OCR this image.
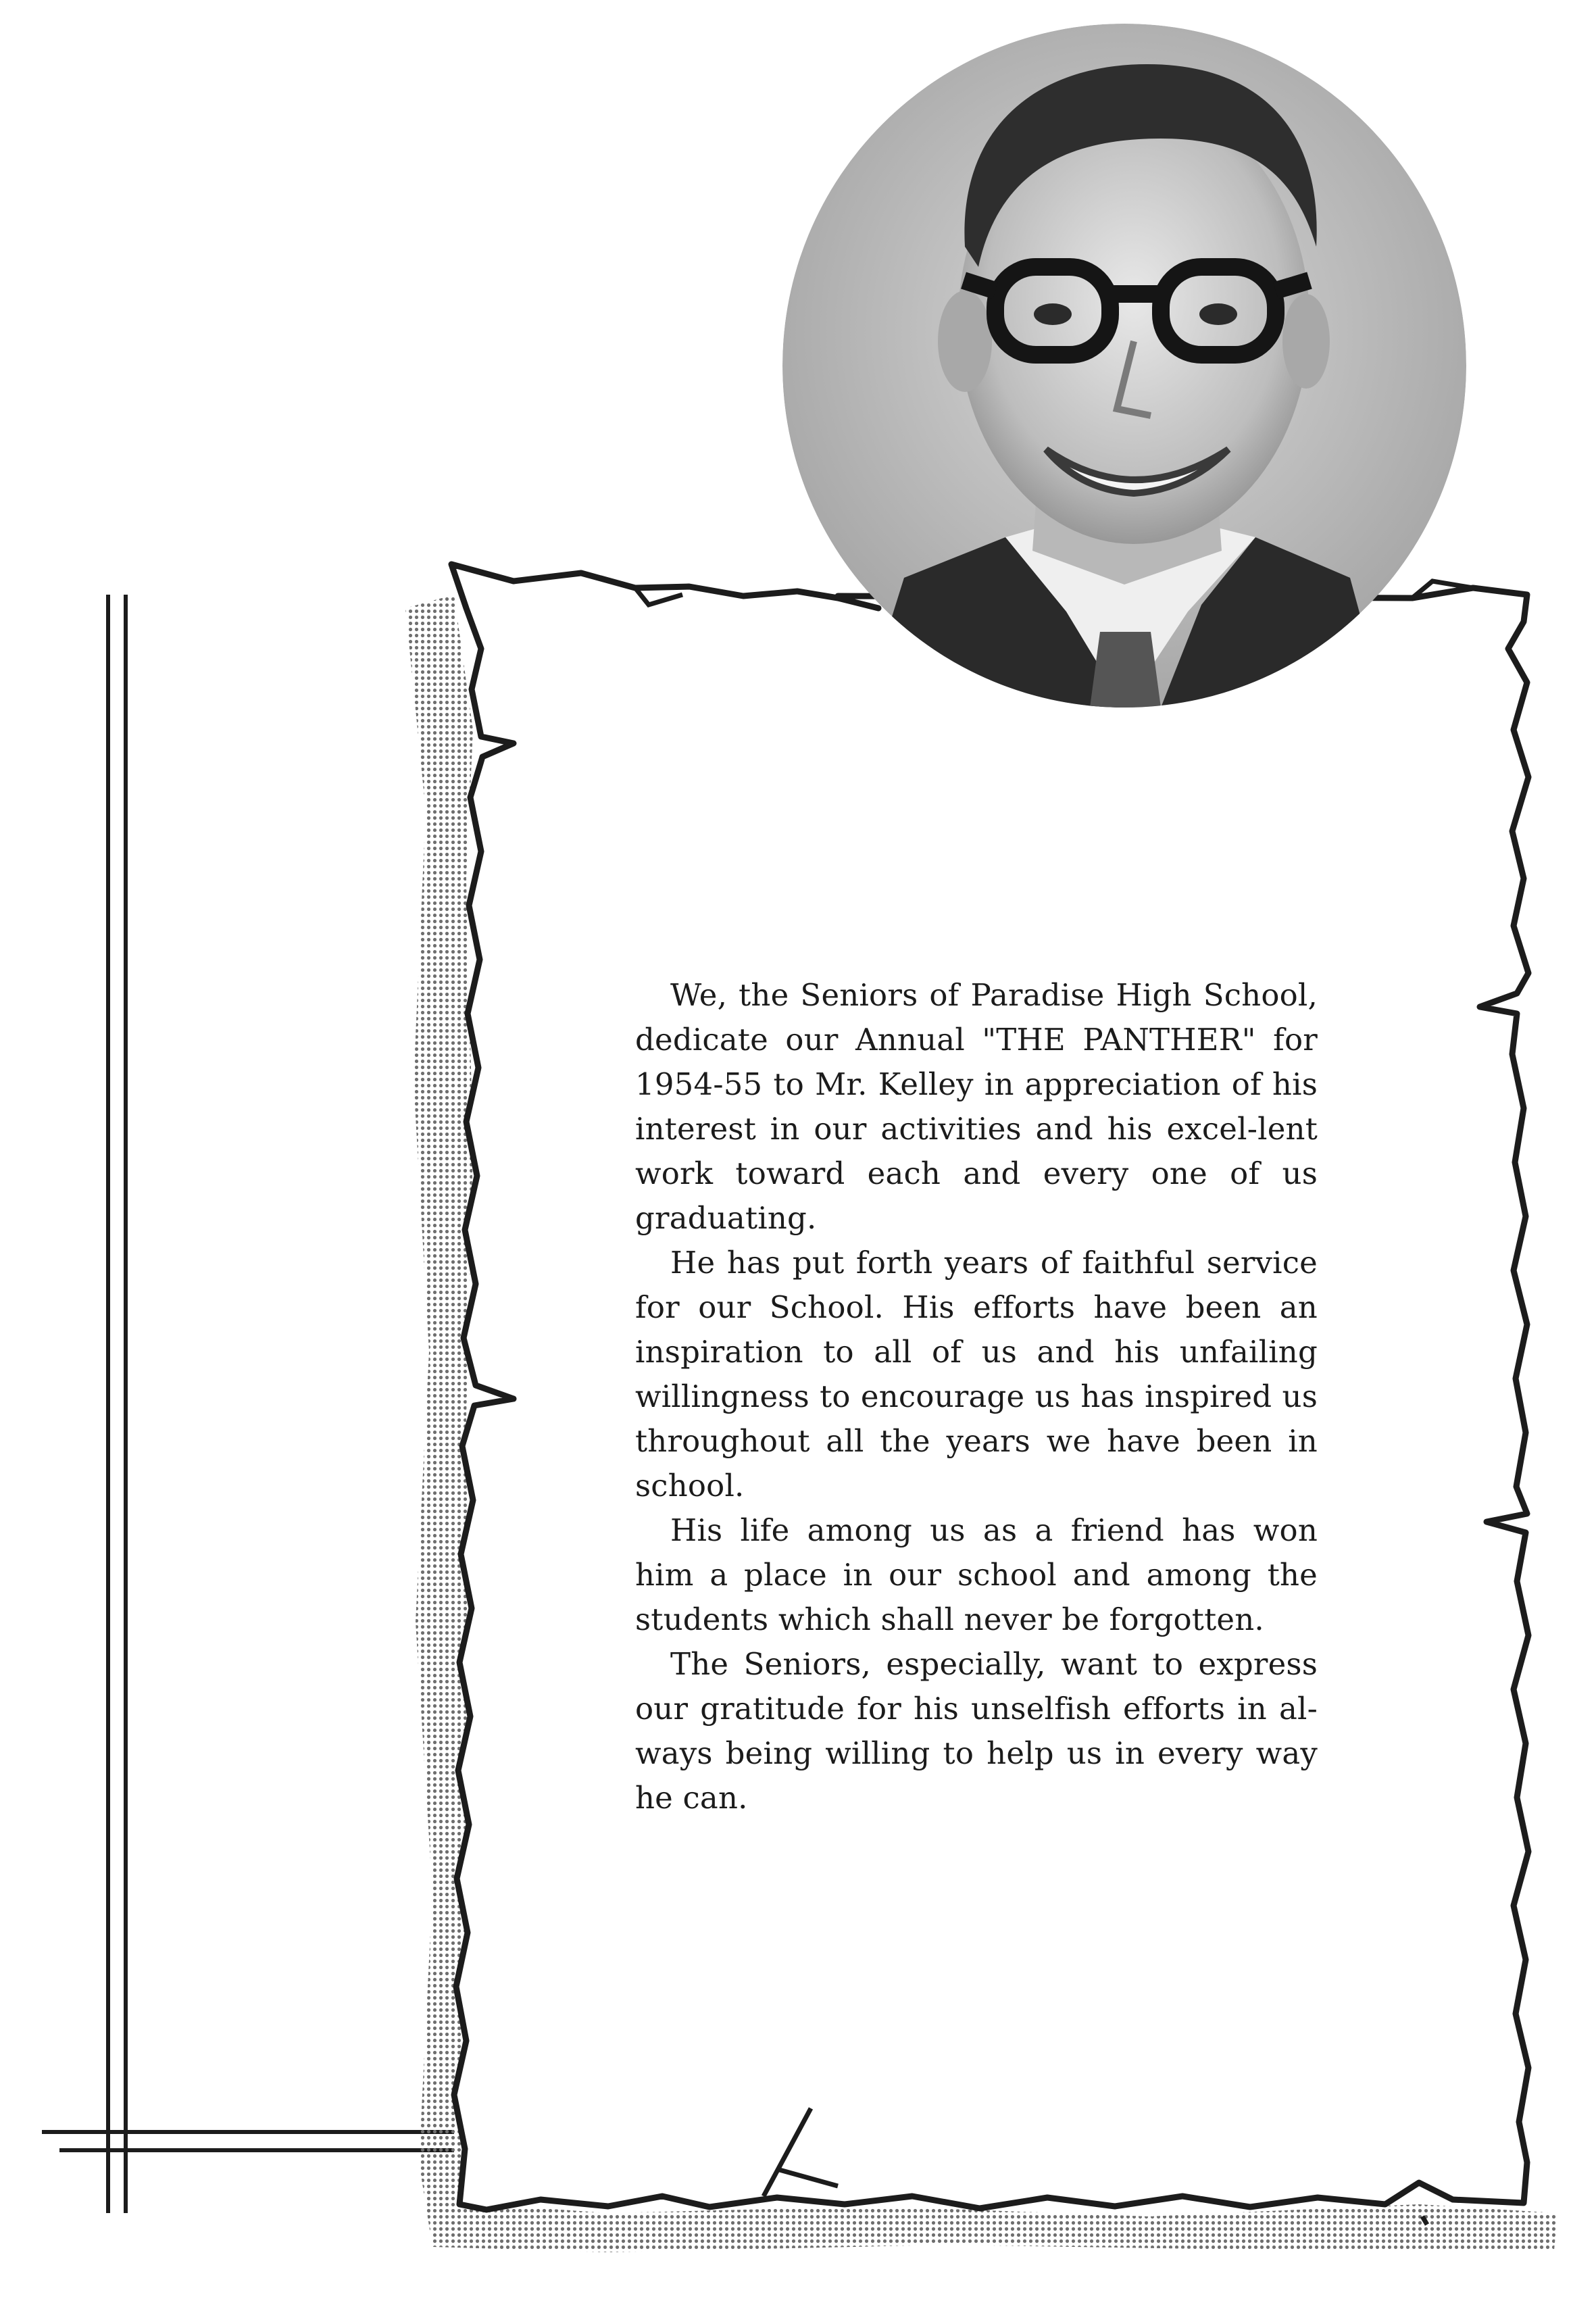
We, the Seniors of Paradise High School, dedicate our Annual "THE PANTHER" for 1954-55 to Mr. Kelley in appreciation of his interest in our activities and his excel-lent work toward each and every one of us graduating.

He has put forth years of faithful service for our School. His efforts have been an inspiration to all of us and his unfailing willingness to encourage us has inspired us throughout all the years we have been in school.

His life among us as a friend has won him a place in our school and among the students which shall never be forgotten.

The Seniors, especially, want to express our gratitude for his unselfish efforts in al-ways being willing to help us in every way he can.
